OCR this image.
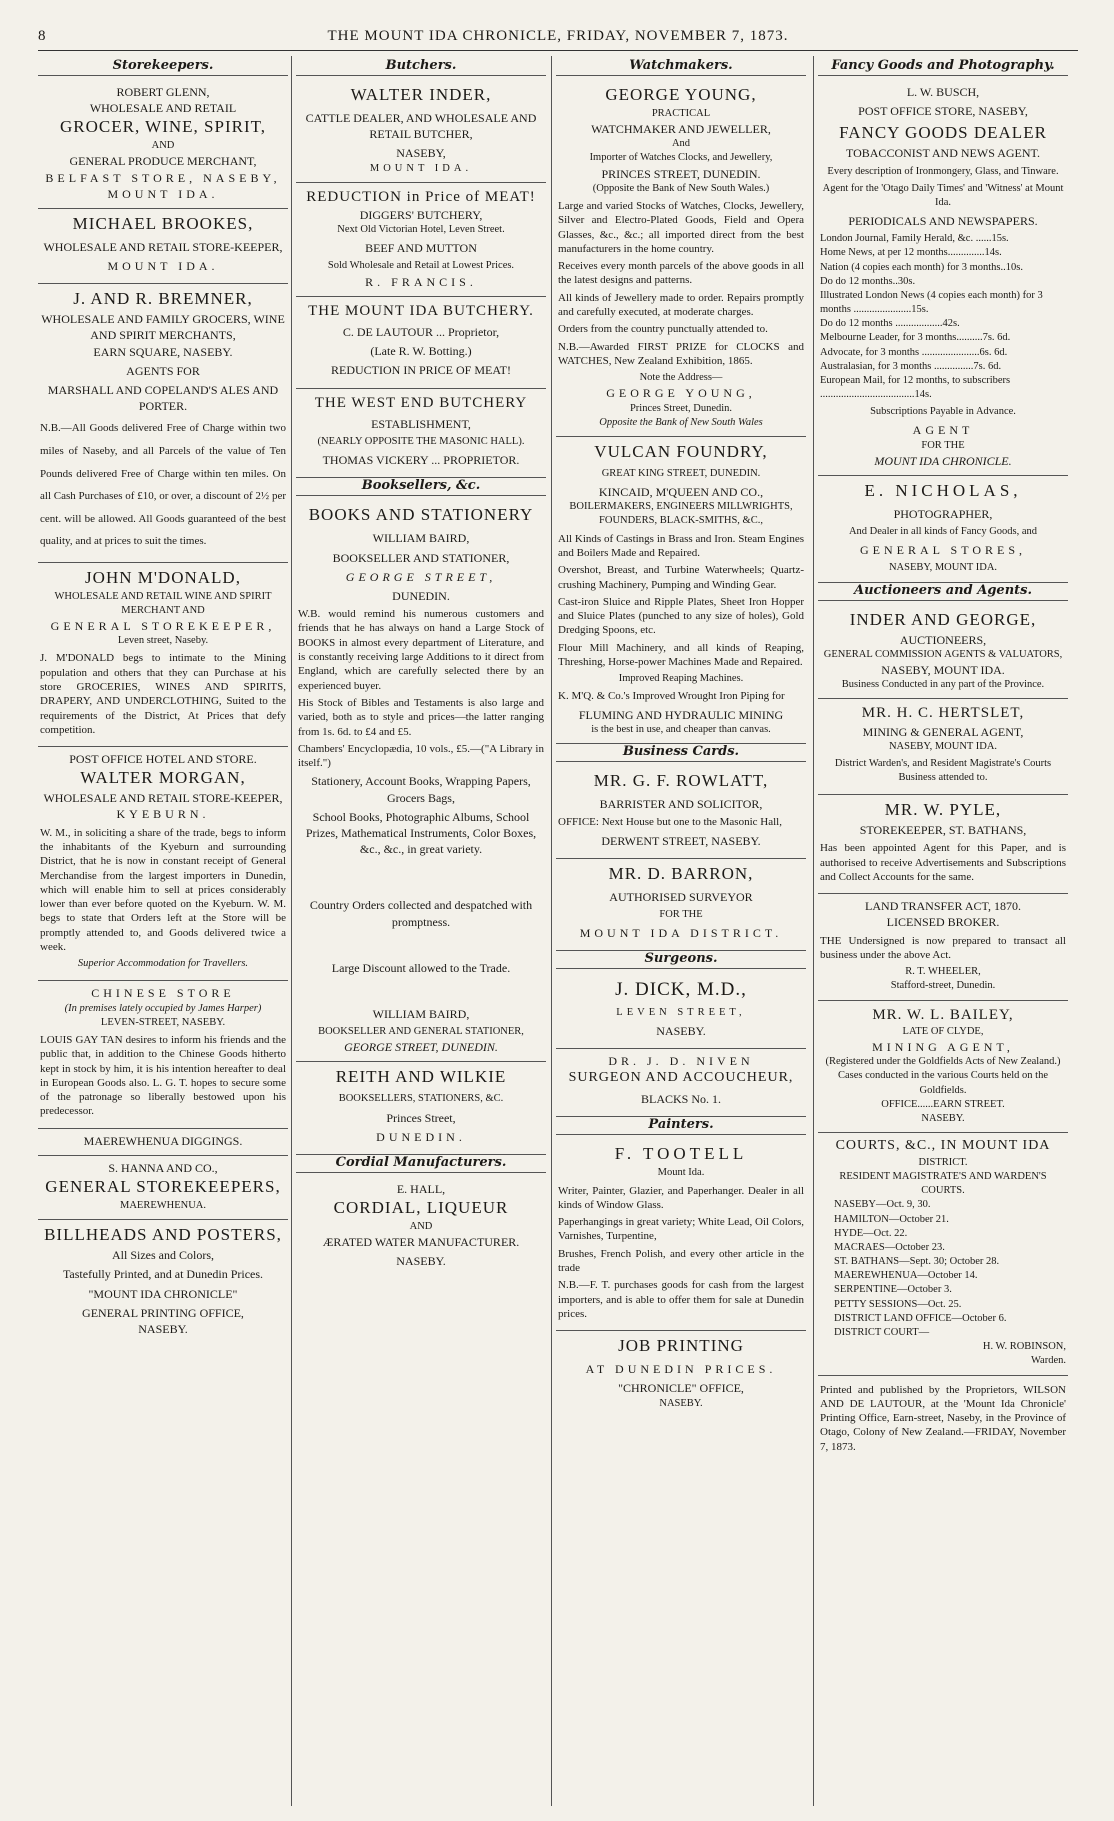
8	THE MOUNT IDA CHRONICLE, FRIDAY, NOVEMBER 7, 1873.
Storekeepers.
ROBERT GLENN,
WHOLESALE AND RETAIL
GROCER, WINE, SPIRIT,
AND
GENERAL PRODUCE MERCHANT,
BELFAST STORE, NASEBY, MOUNT IDA.
MICHAEL BROOKES,

WHOLESALE AND RETAIL STORE-KEEPER,

MOUNT IDA.

J. AND R. BREMNER,
WHOLESALE AND FAMILY GROCERS, WINE AND SPIRIT MERCHANTS,
EARN SQUARE, NASEBY.

AGENTS FOR

MARSHALL AND COPELAND'S ALES AND PORTER.

N.B.—All Goods delivered Free of Charge within two miles of Naseby, and all Parcels of the value of Ten Pounds delivered Free of Charge within ten miles. On all Cash Purchases of £10, or over, a discount of 2½ per cent. will be allowed. All Goods guaranteed of the best quality, and at prices to suit the times.

JOHN M'DONALD,
WHOLESALE AND RETAIL WINE AND SPIRIT MERCHANT AND
GENERAL STOREKEEPER,
Leven street, Naseby.

J. M'DONALD begs to intimate to the Mining population and others that they can Purchase at his store GROCERIES, WINES AND SPIRITS, DRAPERY, AND UNDERCLOTHING, Suited to the requirements of the District, At Prices that defy competition.

POST OFFICE HOTEL AND STORE.
WALTER MORGAN,
WHOLESALE AND RETAIL STORE-KEEPER,
KYEBURN.

W. M., in soliciting a share of the trade, begs to inform the inhabitants of the Kyeburn and surrounding District, that he is now in constant receipt of General Merchandise from the largest importers in Dunedin, which will enable him to sell at prices considerably lower than ever before quoted on the Kyeburn. W. M. begs to state that Orders left at the Store will be promptly attended to, and Goods delivered twice a week.

Superior Accommodation for Travellers.

CHINESE STORE
(In premises lately occupied by James Harper)
LEVEN-STREET, NASEBY.

LOUIS GAY TAN desires to inform his friends and the public that, in addition to the Chinese Goods hitherto kept in stock by him, it is his intention hereafter to deal in European Goods also. L. G. T. hopes to secure some of the patronage so liberally bestowed upon his predecessor.

MAEREWHENUA DIGGINGS.
S. HANNA AND CO.,
GENERAL STOREKEEPERS,
MAEREWHENUA.
BILLHEADS AND POSTERS,
All Sizes and Colors,

Tastefully Printed, and at Dunedin Prices.

"MOUNT IDA CHRONICLE"

GENERAL PRINTING OFFICE,
NASEBY.
Butchers.
WALTER INDER,

CATTLE DEALER, AND WHOLESALE AND RETAIL BUTCHER,

NASEBY,
MOUNT IDA.
REDUCTION in Price of MEAT!
DIGGERS' BUTCHERY,
Next Old Victorian Hotel, Leven Street.

BEEF AND MUTTON

Sold Wholesale and Retail at Lowest Prices.
R. FRANCIS.
THE MOUNT IDA BUTCHERY.

C. DE LAUTOUR ... Proprietor,

(Late R. W. Botting.)

REDUCTION IN PRICE OF MEAT!

THE WEST END BUTCHERY

ESTABLISHMENT,

(NEARLY OPPOSITE THE MASONIC HALL).

THOMAS VICKERY ... PROPRIETOR.

Booksellers, &c.
BOOKS AND STATIONERY

WILLIAM BAIRD,

BOOKSELLER AND STATIONER,

GEORGE STREET,

DUNEDIN.

W.B. would remind his numerous customers and friends that he has always on hand a Large Stock of BOOKS in almost every department of Literature, and is constantly receiving large Additions to it direct from England, which are carefully selected there by an experienced buyer.

His Stock of Bibles and Testaments is also large and varied, both as to style and prices—the latter ranging from 1s. 6d. to £4 and £5.

Chambers' Encyclopædia, 10 vols., £5.—("A Library in itself.")

Stationery, Account Books, Wrapping Papers, Grocers Bags,

School Books, Photographic Albums, School Prizes, Mathematical Instruments, Color Boxes, &c., &c., in great variety.

Country Orders collected and despatched with promptness.

Large Discount allowed to the Trade.

WILLIAM BAIRD,

BOOKSELLER AND GENERAL STATIONER,
GEORGE STREET, DUNEDIN.
REITH AND WILKIE

BOOKSELLERS, STATIONERS, &C.

Princes Street,

DUNEDIN.

Cordial Manufacturers.
E. HALL,
CORDIAL, LIQUEUR
AND
ÆRATED WATER MANUFACTURER.

NASEBY.

Watchmakers.
GEORGE YOUNG,
PRACTICAL
WATCHMAKER AND JEWELLER,
And
Importer of Watches Clocks, and Jewellery,
PRINCES STREET, DUNEDIN.
(Opposite the Bank of New South Wales.)

Large and varied Stocks of Watches, Clocks, Jewellery, Silver and Electro-Plated Goods, Field and Opera Glasses, &c., &c.; all imported direct from the best manufacturers in the home country.

Receives every month parcels of the above goods in all the latest designs and patterns.

All kinds of Jewellery made to order. Repairs promptly and carefully executed, at moderate charges.

Orders from the country punctually attended to.

N.B.—Awarded FIRST PRIZE for CLOCKS and WATCHES, New Zealand Exhibition, 1865.

Note the Address—
GEORGE YOUNG,
Princes Street, Dunedin.
Opposite the Bank of New South Wales
VULCAN FOUNDRY,

GREAT KING STREET, DUNEDIN.

KINCAID, M'QUEEN AND CO.,
BOILERMAKERS, ENGINEERS MILLWRIGHTS, FOUNDERS, BLACK-SMITHS, &C.,

All Kinds of Castings in Brass and Iron. Steam Engines and Boilers Made and Repaired.

Overshot, Breast, and Turbine Waterwheels; Quartz-crushing Machinery, Pumping and Winding Gear.

Cast-iron Sluice and Ripple Plates, Sheet Iron Hopper and Sluice Plates (punched to any size of holes), Gold Dredging Spoons, etc.

Flour Mill Machinery, and all kinds of Reaping, Threshing, Horse-power Machines Made and Repaired.

Improved Reaping Machines.

K. M'Q. & Co.'s Improved Wrought Iron Piping for

FLUMING AND HYDRAULIC MINING
is the best in use, and cheaper than canvas.
Business Cards.
MR. G. F. ROWLATT,

BARRISTER AND SOLICITOR,

OFFICE: Next House but one to the Masonic Hall,

DERWENT STREET, NASEBY.

MR. D. BARRON,

AUTHORISED SURVEYOR

FOR THE

MOUNT IDA DISTRICT.

Surgeons.
J. DICK, M.D.,

LEVEN STREET,

NASEBY.

DR. J. D. NIVEN
SURGEON AND ACCOUCHEUR,

BLACKS No. 1.

Painters.
F. TOOTELL
Mount Ida.

Writer, Painter, Glazier, and Paperhanger. Dealer in all kinds of Window Glass.

Paperhangings in great variety; White Lead, Oil Colors, Varnishes, Turpentine,

Brushes, French Polish, and every other article in the trade

N.B.—F. T. purchases goods for cash from the largest importers, and is able to offer them for sale at Dunedin prices.

JOB PRINTING

AT DUNEDIN PRICES.

"CHRONICLE" OFFICE,
NASEBY.
Fancy Goods and Photography.
L. W. BUSCH,

POST OFFICE STORE, NASEBY,

FANCY GOODS DEALER
TOBACCONIST AND NEWS AGENT.

Every description of Ironmongery, Glass, and Tinware.

Agent for the 'Otago Daily Times' and 'Witness' at Mount Ida.

PERIODICALS AND NEWSPAPERS.

London Journal, Family Herald, &c. ......15s.
Home News, at per 12 months..............14s.
Nation (4 copies each month) for 3 months..10s.
Do do 12 months..30s.
Illustrated London News (4 copies each month) for 3 months ......................15s.
Do do 12 months ..................42s.
Melbourne Leader, for 3 months..........7s. 6d.
Advocate, for 3 months ......................6s. 6d.
Australasian, for 3 months ...............7s. 6d.
European Mail, for 12 months, to subscribers ....................................14s.

Subscriptions Payable in Advance.

AGENT
FOR THE
MOUNT IDA CHRONICLE.
E. NICHOLAS,

PHOTOGRAPHER,

And Dealer in all kinds of Fancy Goods, and

GENERAL STORES,

NASEBY, MOUNT IDA.
Auctioneers and Agents.
INDER AND GEORGE,
AUCTIONEERS,
GENERAL COMMISSION AGENTS & VALUATORS,
NASEBY, MOUNT IDA.
Business Conducted in any part of the Province.
MR. H. C. HERTSLET,
MINING & GENERAL AGENT,
NASEBY, MOUNT IDA.

District Warden's, and Resident Magistrate's Courts Business attended to.

MR. W. PYLE,
STOREKEEPER, ST. BATHANS,

Has been appointed Agent for this Paper, and is authorised to receive Advertisements and Subscriptions and Collect Accounts for the same.

LAND TRANSFER ACT, 1870.
LICENSED BROKER.

THE Undersigned is now prepared to transact all business under the above Act.

R. T. WHEELER,
Stafford-street, Dunedin.
MR. W. L. BAILEY,
LATE OF CLYDE,
MINING AGENT,
(Registered under the Goldfields Acts of New Zealand.)
Cases conducted in the various Courts held on the Goldfields.
OFFICE......EARN STREET.
NASEBY.
COURTS, &C., IN MOUNT IDA
DISTRICT.
RESIDENT MAGISTRATE'S AND WARDEN'S COURTS.
NASEBY—Oct. 9, 30.
HAMILTON—October 21.
HYDE—Oct. 22.
MACRAES—October 23.
ST. BATHANS—Sept. 30; October 28.
MAEREWHENUA—October 14.
SERPENTINE—October 3.
PETTY SESSIONS—Oct. 25.
DISTRICT LAND OFFICE—October 6.
DISTRICT COURT—
H. W. ROBINSON,
Warden.

Printed and published by the Proprietors, WILSON AND DE LAUTOUR, at the 'Mount Ida Chronicle' Printing Office, Earn-street, Naseby, in the Province of Otago, Colony of New Zealand.—FRIDAY, November 7, 1873.
